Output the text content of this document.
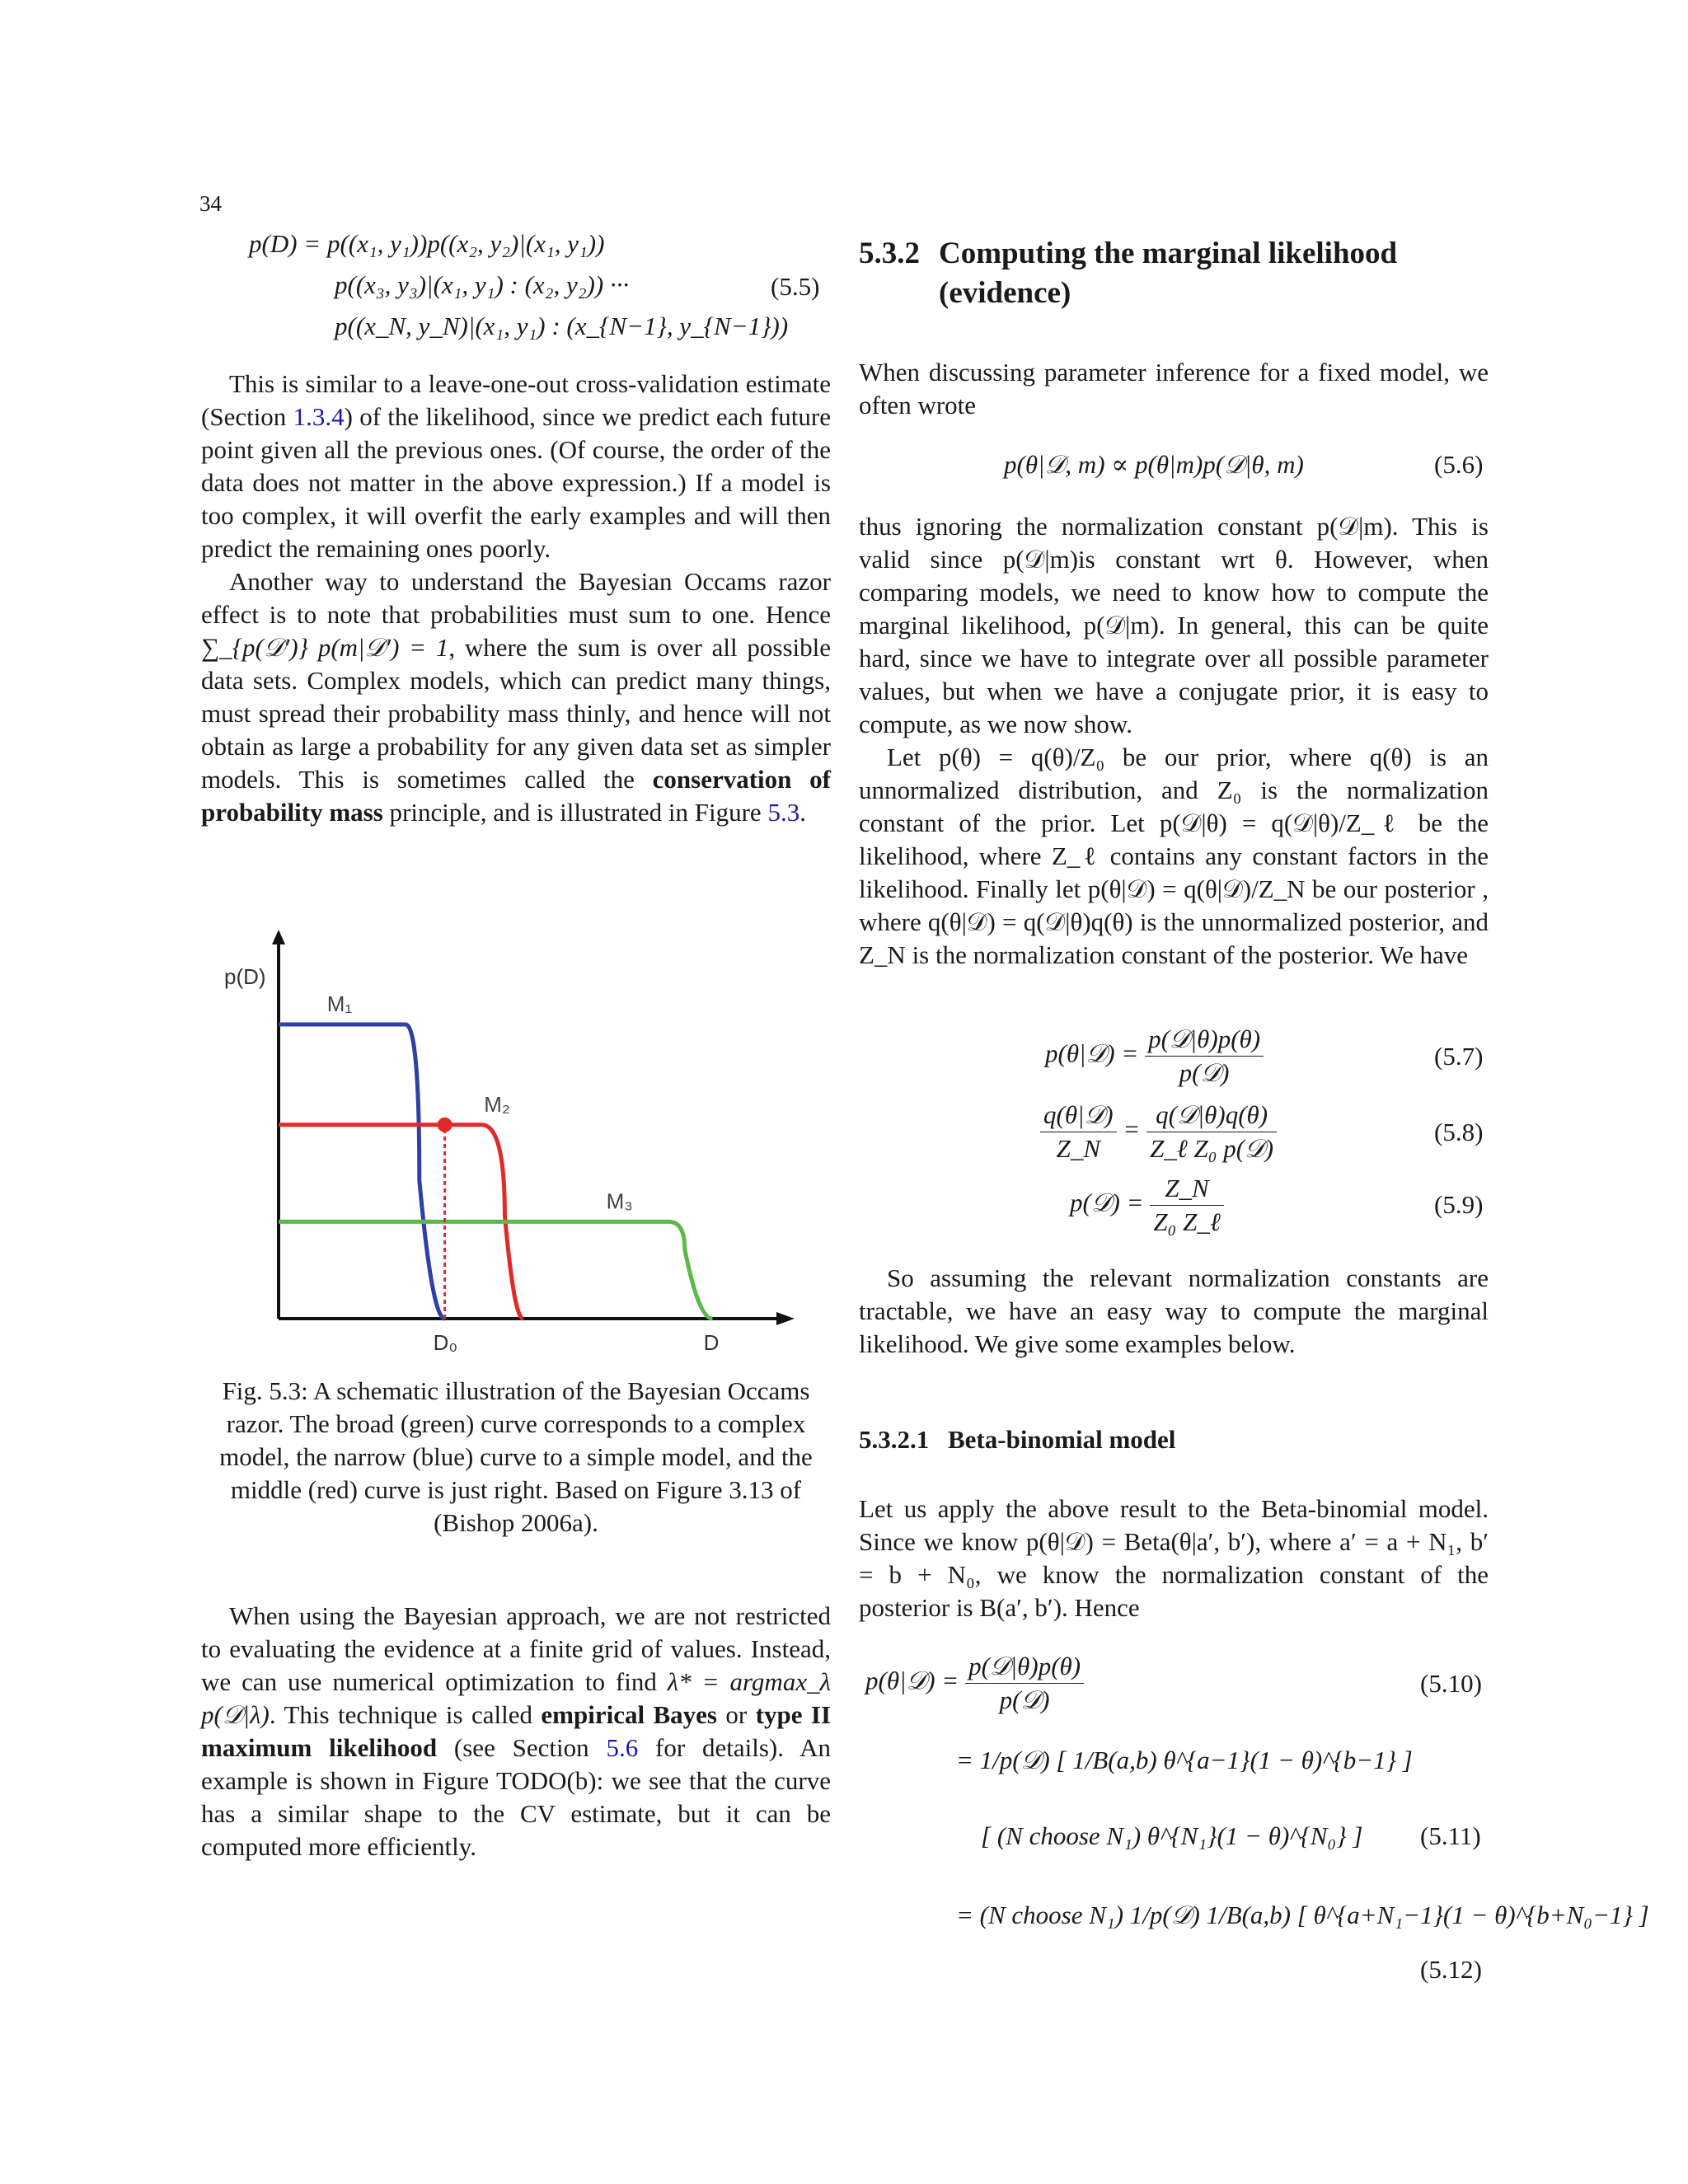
34
p(D) = p((x₁, y₁))p((x₂, y₂)|(x₁, y₁))
p((x₃, y₃)|(x₁, y₁) : (x₂, y₂)) ···
p((x_N, y_N)|(x₁, y₁) : (x_{N−1}, y_{N−1}))
(5.5)

This is similar to a leave-one-out cross-validation estimate (Section 1.3.4) of the likelihood, since we predict each future point given all the previous ones. (Of course, the order of the data does not matter in the above expression.) If a model is too complex, it will overfit the early examples and will then predict the remaining ones poorly.

Another way to understand the Bayesian Occams razor effect is to note that probabilities must sum to one. Hence ∑_{p(𝒟′)} p(m|𝒟′) = 1, where the sum is over all possible data sets. Complex models, which can predict many things, must spread their probability mass thinly, and hence will not obtain as large a probability for any given data set as simpler models. This is sometimes called the conservation of probability mass principle, and is illustrated in Figure 5.3.

p(D)
M₁
M₂
M₃
D₀	D
Fig. 5.3: A schematic illustration of the Bayesian Occams razor. The broad (green) curve corresponds to a complex model, the narrow (blue) curve to a simple model, and the middle (red) curve is just right. Based on Figure 3.13 of (Bishop 2006a).

When using the Bayesian approach, we are not restricted to evaluating the evidence at a finite grid of values. Instead, we can use numerical optimization to find λ* = argmax_λ p(𝒟|λ). This technique is called empirical Bayes or type II maximum likelihood (see Section 5.6 for details). An example is shown in Figure TODO(b): we see that the curve has a similar shape to the CV estimate, but it can be computed more efficiently.

5.3.2 Computing the marginal likelihood (evidence)

When discussing parameter inference for a fixed model, we often wrote

p(θ|𝒟, m) ∝ p(θ|m)p(𝒟|θ, m)	(5.6)

thus ignoring the normalization constant p(𝒟|m). This is valid since p(𝒟|m)is constant wrt θ. However, when comparing models, we need to know how to compute the marginal likelihood, p(𝒟|m). In general, this can be quite hard, since we have to integrate over all possible parameter values, but when we have a conjugate prior, it is easy to compute, as we now show.

Let p(θ) = q(θ)/Z₀ be our prior, where q(θ) is an unnormalized distribution, and Z₀ is the normalization constant of the prior. Let p(𝒟|θ) = q(𝒟|θ)/Z_ℓ be the likelihood, where Z_ℓ contains any constant factors in the likelihood. Finally let p(θ|𝒟) = q(θ|𝒟)/Z_N be our posterior , where q(θ|𝒟) = q(𝒟|θ)q(θ) is the unnormalized posterior, and Z_N is the normalization constant of the posterior. We have

p(θ|𝒟) = $\frac{\text{p(𝒟|θ)p(θ)}}{\text{p(𝒟)}}$	(5.7)
$\frac{\text{q(θ|𝒟)}}{Z\_N} = \frac{\text{q(𝒟|θ)q(θ)}}{\text{Z\_ℓ Z₀ p(𝒟)}}$	(5.8)
p(𝒟) = $\frac{Z\_N}{\text{Z₀ Z\_ℓ}}$	(5.9)

So assuming the relevant normalization constants are tractable, we have an easy way to compute the marginal likelihood. We give some examples below.

5.3.2.1 Beta-binomial model

Let us apply the above result to the Beta-binomial model. Since we know p(θ|𝒟) = Beta(θ|a′, b′), where a′ = a + N₁, b′ = b + N₀, we know the normalization constant of the posterior is B(a′, b′). Hence

p(θ|𝒟) = $\frac{\text{p(𝒟|θ)p(θ)}}{\text{p(𝒟)}}$	(5.10)
= 1/p(𝒟) [ 1/B(a,b) θ^{a−1}(1 − θ)^{b−1} ]
[ (N choose N₁) θ^{N₁}(1 − θ)^{N₀} ] (5.11)
= (N choose N₁) 1/p(𝒟) 1/B(a,b) [ θ^{a+N₁−1}(1 − θ)^{b+N₀−1} ]
(5.12)
